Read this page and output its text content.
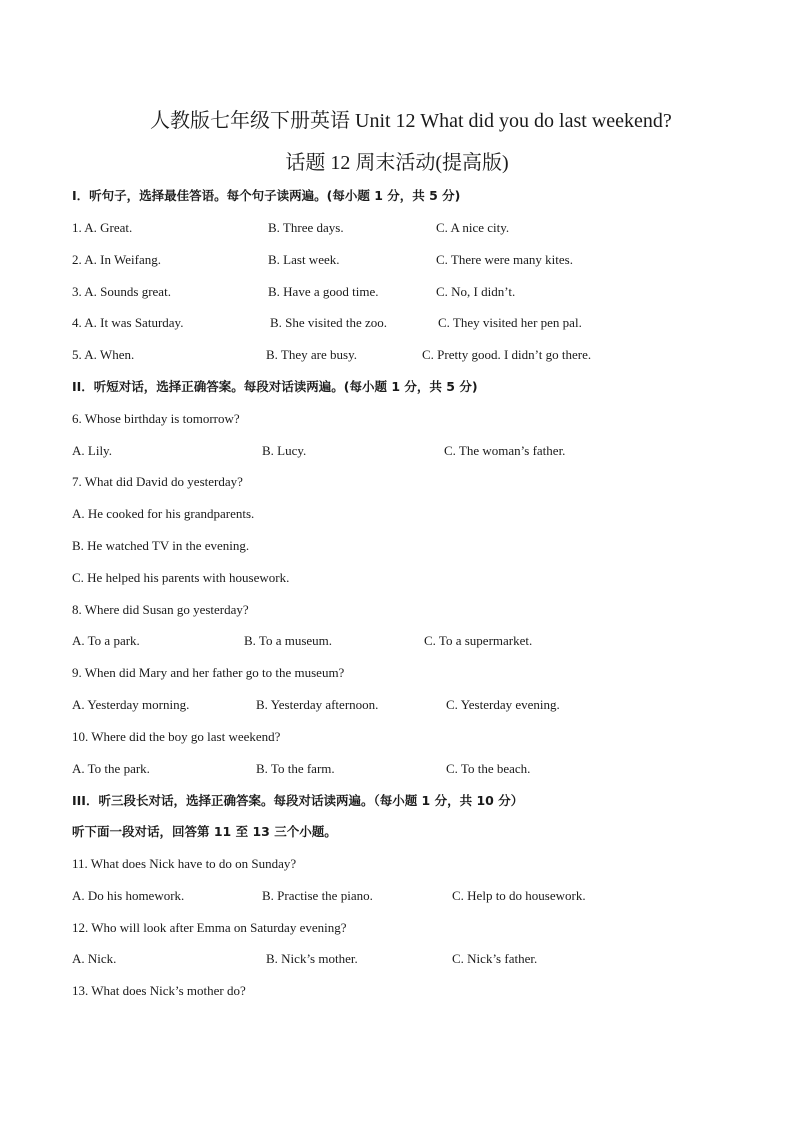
人教版七年级下册英语 Unit 12 What did you do last weekend?
话题 12 周末活动(提高版)
I．听句子，选择最佳答语。每个句子读两遍。(每小题 1 分，共 5 分)
1. A. Great.	B. Three days.	C. A nice city.
2. A. In Weifang.	B. Last week.	C. There were many kites.
3. A. Sounds great.	B. Have a good time.	C. No, I didn’t.
4. A. It was Saturday.	B. She visited the zoo.	C. They visited her pen pal.
5. A. When.	B. They are busy.	C. Pretty good. I didn’t go there.
II．听短对话，选择正确答案。每段对话读两遍。(每小题 1 分，共 5 分)
6. Whose birthday is tomorrow?
A. Lily.	B. Lucy.	C. The woman’s father.
7. What did David do yesterday?
A. He cooked for his grandparents.
B. He watched TV in the evening.
C. He helped his parents with housework.
8. Where did Susan go yesterday?
A. To a park.	B. To a museum.	C. To a supermarket.
9. When did Mary and her father go to the museum?
A. Yesterday morning.	B. Yesterday afternoon.	C. Yesterday evening.
10. Where did the boy go last weekend?
A. To the park.	B. To the farm.	C. To the beach.
III．听三段长对话，选择正确答案。每段对话读两遍。（每小题 1 分，共 10 分）
听下面一段对话，回答第 11 至 13 三个小题。
11. What does Nick have to do on Sunday?
A. Do his homework.	B. Practise the piano.	C. Help to do housework.
12. Who will look after Emma on Saturday evening?
A. Nick.	B. Nick’s mother.	C. Nick’s father.
13. What does Nick’s mother do?
